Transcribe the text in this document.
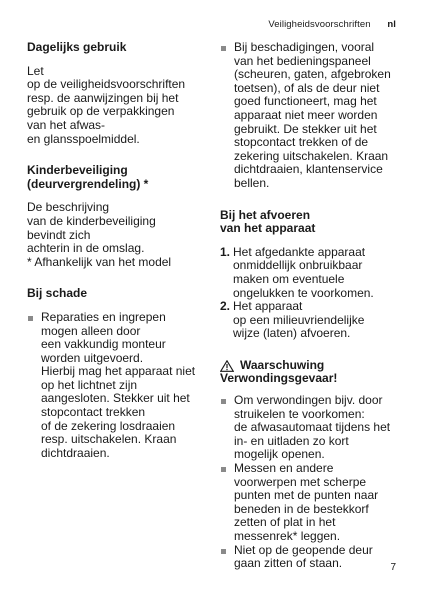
Veiligheidsvoorschriften nl
Dagelijks gebruik

Let
op de veiligheidsvoorschriften
resp. de aanwijzingen bij het
gebruik op de verpakkingen
van het afwas-
en glansspoelmiddel.

Kinderbeveiliging
(deurvergrendeling) *

De beschrijving
van de kinderbeveiliging
bevindt zich
achterin in de omslag.

* Afhankelijk van het model

Bij schade
Reparaties en ingrepen
mogen alleen door
een vakkundig monteur
worden uitgevoerd.
Hierbij mag het apparaat niet
op het lichtnet zijn
aangesloten. Stekker uit het
stopcontact trekken
of de zekering losdraaien
resp. uitschakelen. Kraan
dichtdraaien.
Bij beschadigingen, vooral
van het bedieningspaneel
(scheuren, gaten, afgebroken
toetsen), of als de deur niet
goed functioneert, mag het
apparaat niet meer worden
gebruikt. De stekker uit het
stopcontact trekken of de
zekering uitschakelen. Kraan
dichtdraaien, klantenservice
bellen.
Bij het afvoeren
van het apparaat
1. Het afgedankte apparaat
onmiddellijk onbruikbaar
maken om eventuele
ongelukken te voorkomen.
2. Het apparaat
op een milieuvriendelijke
wijze (laten) afvoeren.
Waarschuwing
Verwondingsgevaar!
Om verwondingen bijv. door
struikelen te voorkomen:
de afwasautomaat tijdens het
in- en uitladen zo kort
mogelijk openen.
Messen en andere
voorwerpen met scherpe
punten met de punten naar
beneden in de bestekkorf
zetten of plat in het
messenrek* leggen.
Niet op de geopende deur
gaan zitten of staan.	7
